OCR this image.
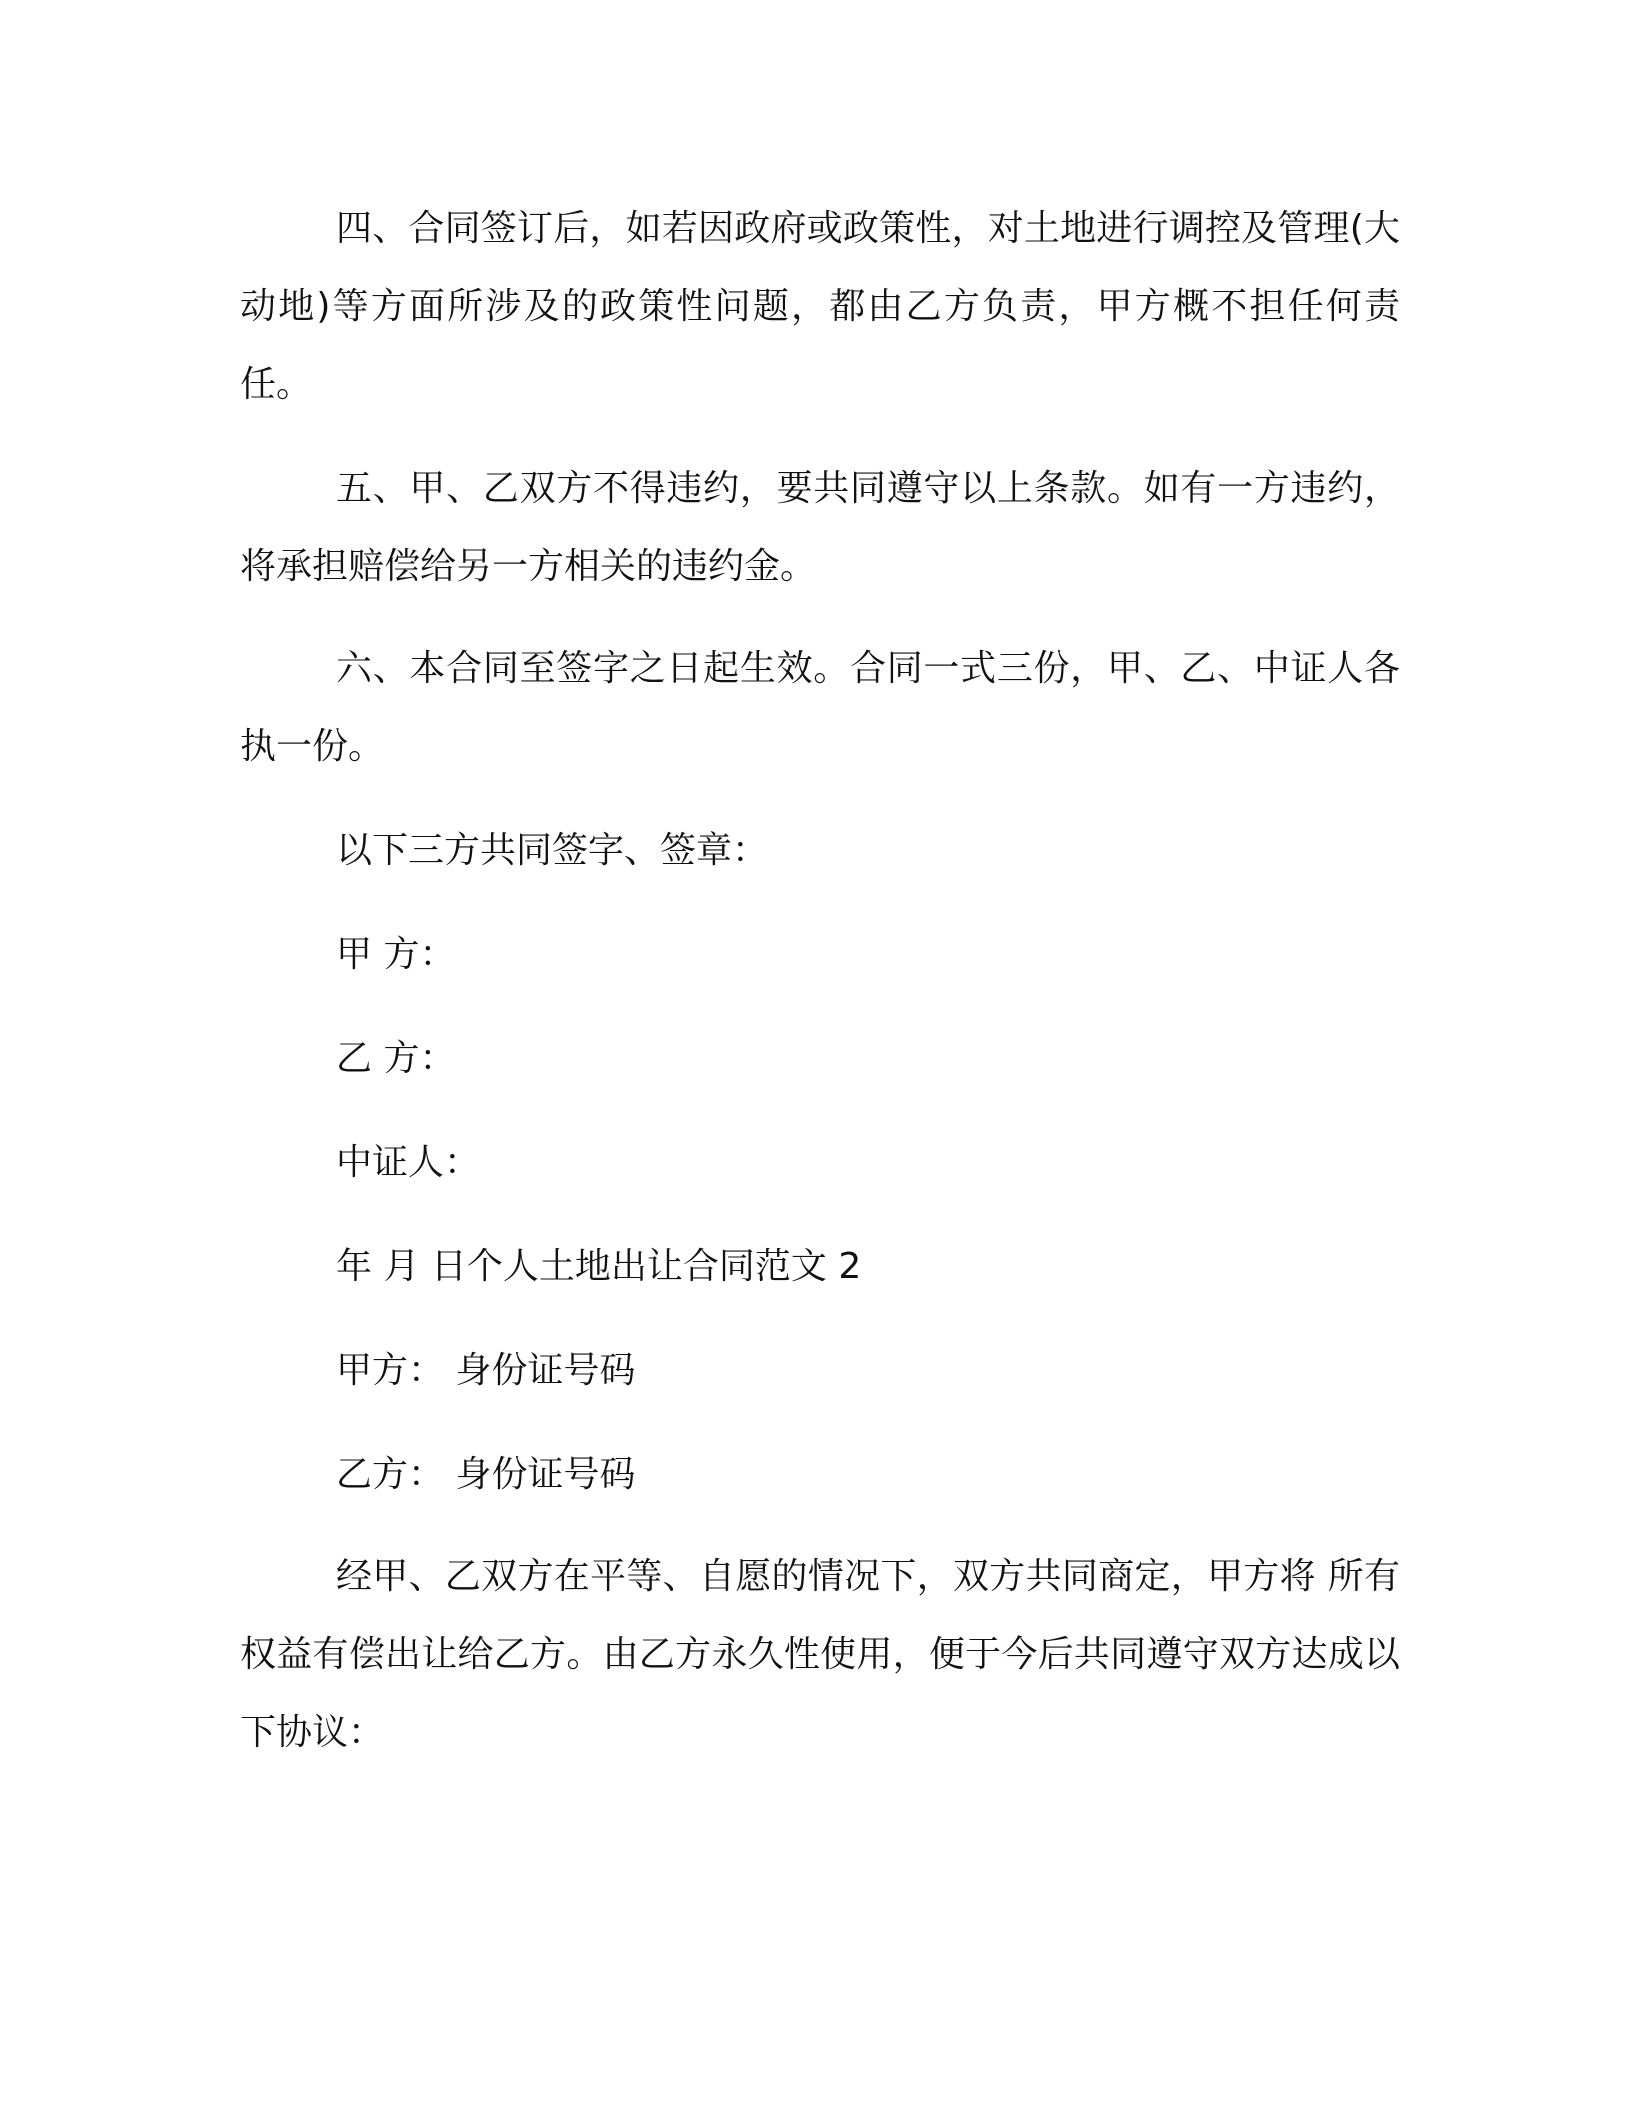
四、合同签订后，如若因政府或政策性，对土地进行调控及管理(大动地)等方面所涉及的政策性问题，都由乙方负责，甲方概不担任何责任。

五、甲、乙双方不得违约，要共同遵守以上条款。如有一方违约，将承担赔偿给另一方相关的违约金。

六、本合同至签字之日起生效。合同一式三份，甲、乙、中证人各执一份。

以下三方共同签字、签章：

甲 方：

乙 方：

中证人：

年 月 日个人土地出让合同范文 2

甲方： 身份证号码

乙方： 身份证号码

经甲、乙双方在平等、自愿的情况下，双方共同商定，甲方将 所有权益有偿出让给乙方。由乙方永久性使用，便于今后共同遵守双方达成以下协议：
